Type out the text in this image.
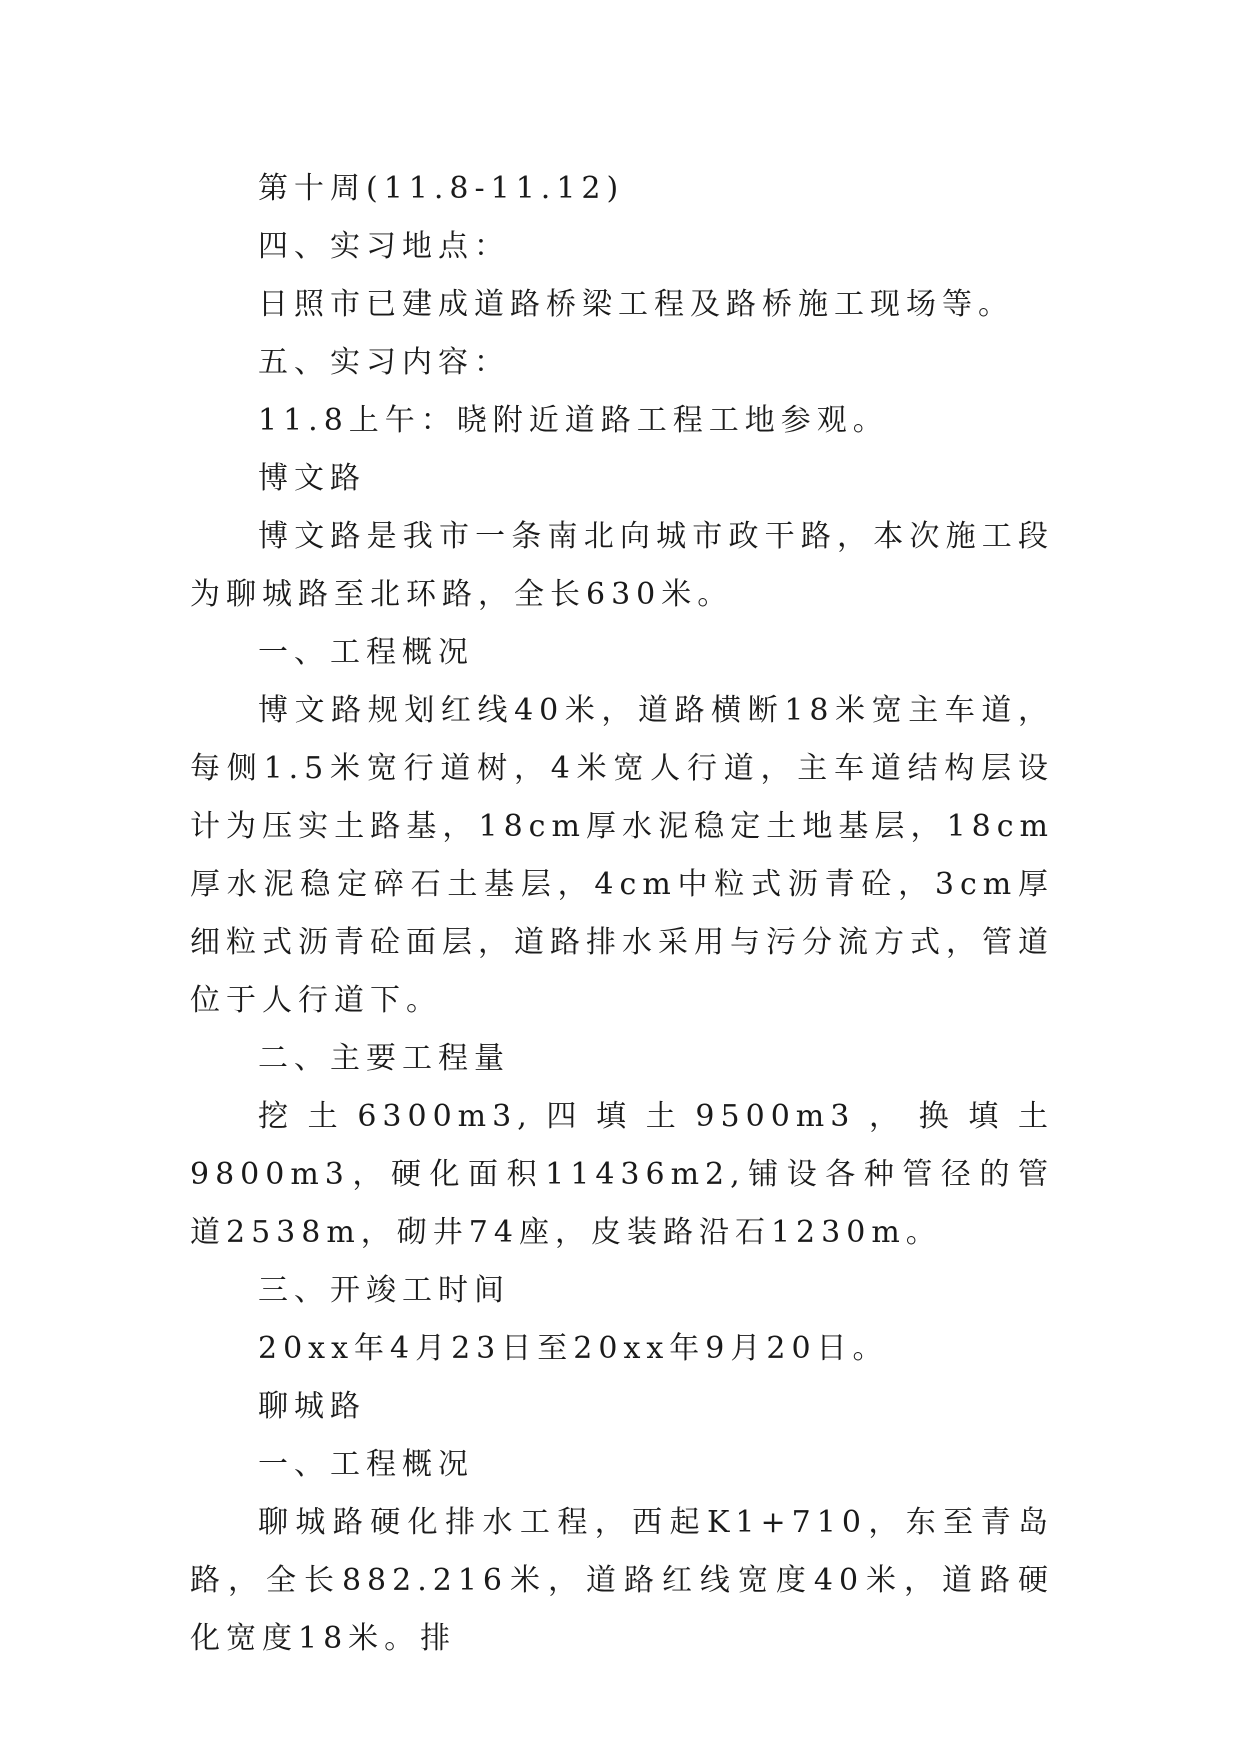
第十周(11.8-11.12)

四、实习地点：

日照市已建成道路桥梁工程及路桥施工现场等。

五、实习内容：

11.8上午：晓附近道路工程工地参观。

博文路

博文路是我市一条南北向城市政干路，本次施工段为聊城路至北环路，全长630米。

一、工程概况

博文路规划红线40米，道路横断18米宽主车道，每侧1.5米宽行道树，4米宽人行道，主车道结构层设计为压实土路基，18cm厚水泥稳定土地基层，18cm厚水泥稳定碎石土基层，4cm中粒式沥青砼，3cm厚细粒式沥青砼面层，道路排水采用与污分流方式，管道位于人行道下。

二、主要工程量

挖土6300m3,四填土9500m3，换填土9800m3，硬化面积11436m2,铺设各种管径的管道2538m，砌井74座，皮装路沿石1230m。

三、开竣工时间

20xx年4月23日至20xx年9月20日。

聊城路

一、工程概况

聊城路硬化排水工程，西起K1+710，东至青岛路，全长882.216米，道路红线宽度40米，道路硬化宽度18米。排
